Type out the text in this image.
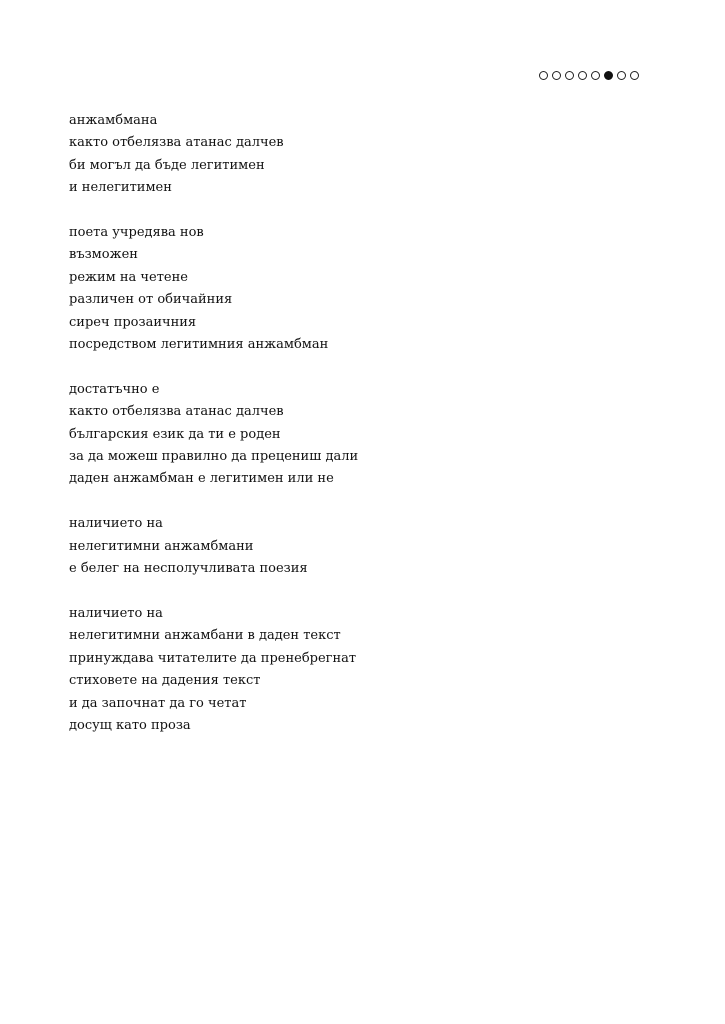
анжамбмана
както отбелязва атанас далчев
би могъл да бъде легитимен
и нелегитимен
поета учредява нов
възможен
режим на четене
различен от обичайния
сиреч прозаичния
посредством легитимния анжамбман
достатъчно е
както отбелязва атанас далчев
българския език да ти е роден
за да можеш правилно да прецениш дали
даден анжамбман е легитимен или не
наличието на
нелегитимни анжамбмани
е белег на несполучливата поезия
наличието на
нелегитимни анжамбани в даден текст
принуждава читателите да пренебрегнат
стиховете на дадения текст
и да започнат да го четат
досущ като проза
